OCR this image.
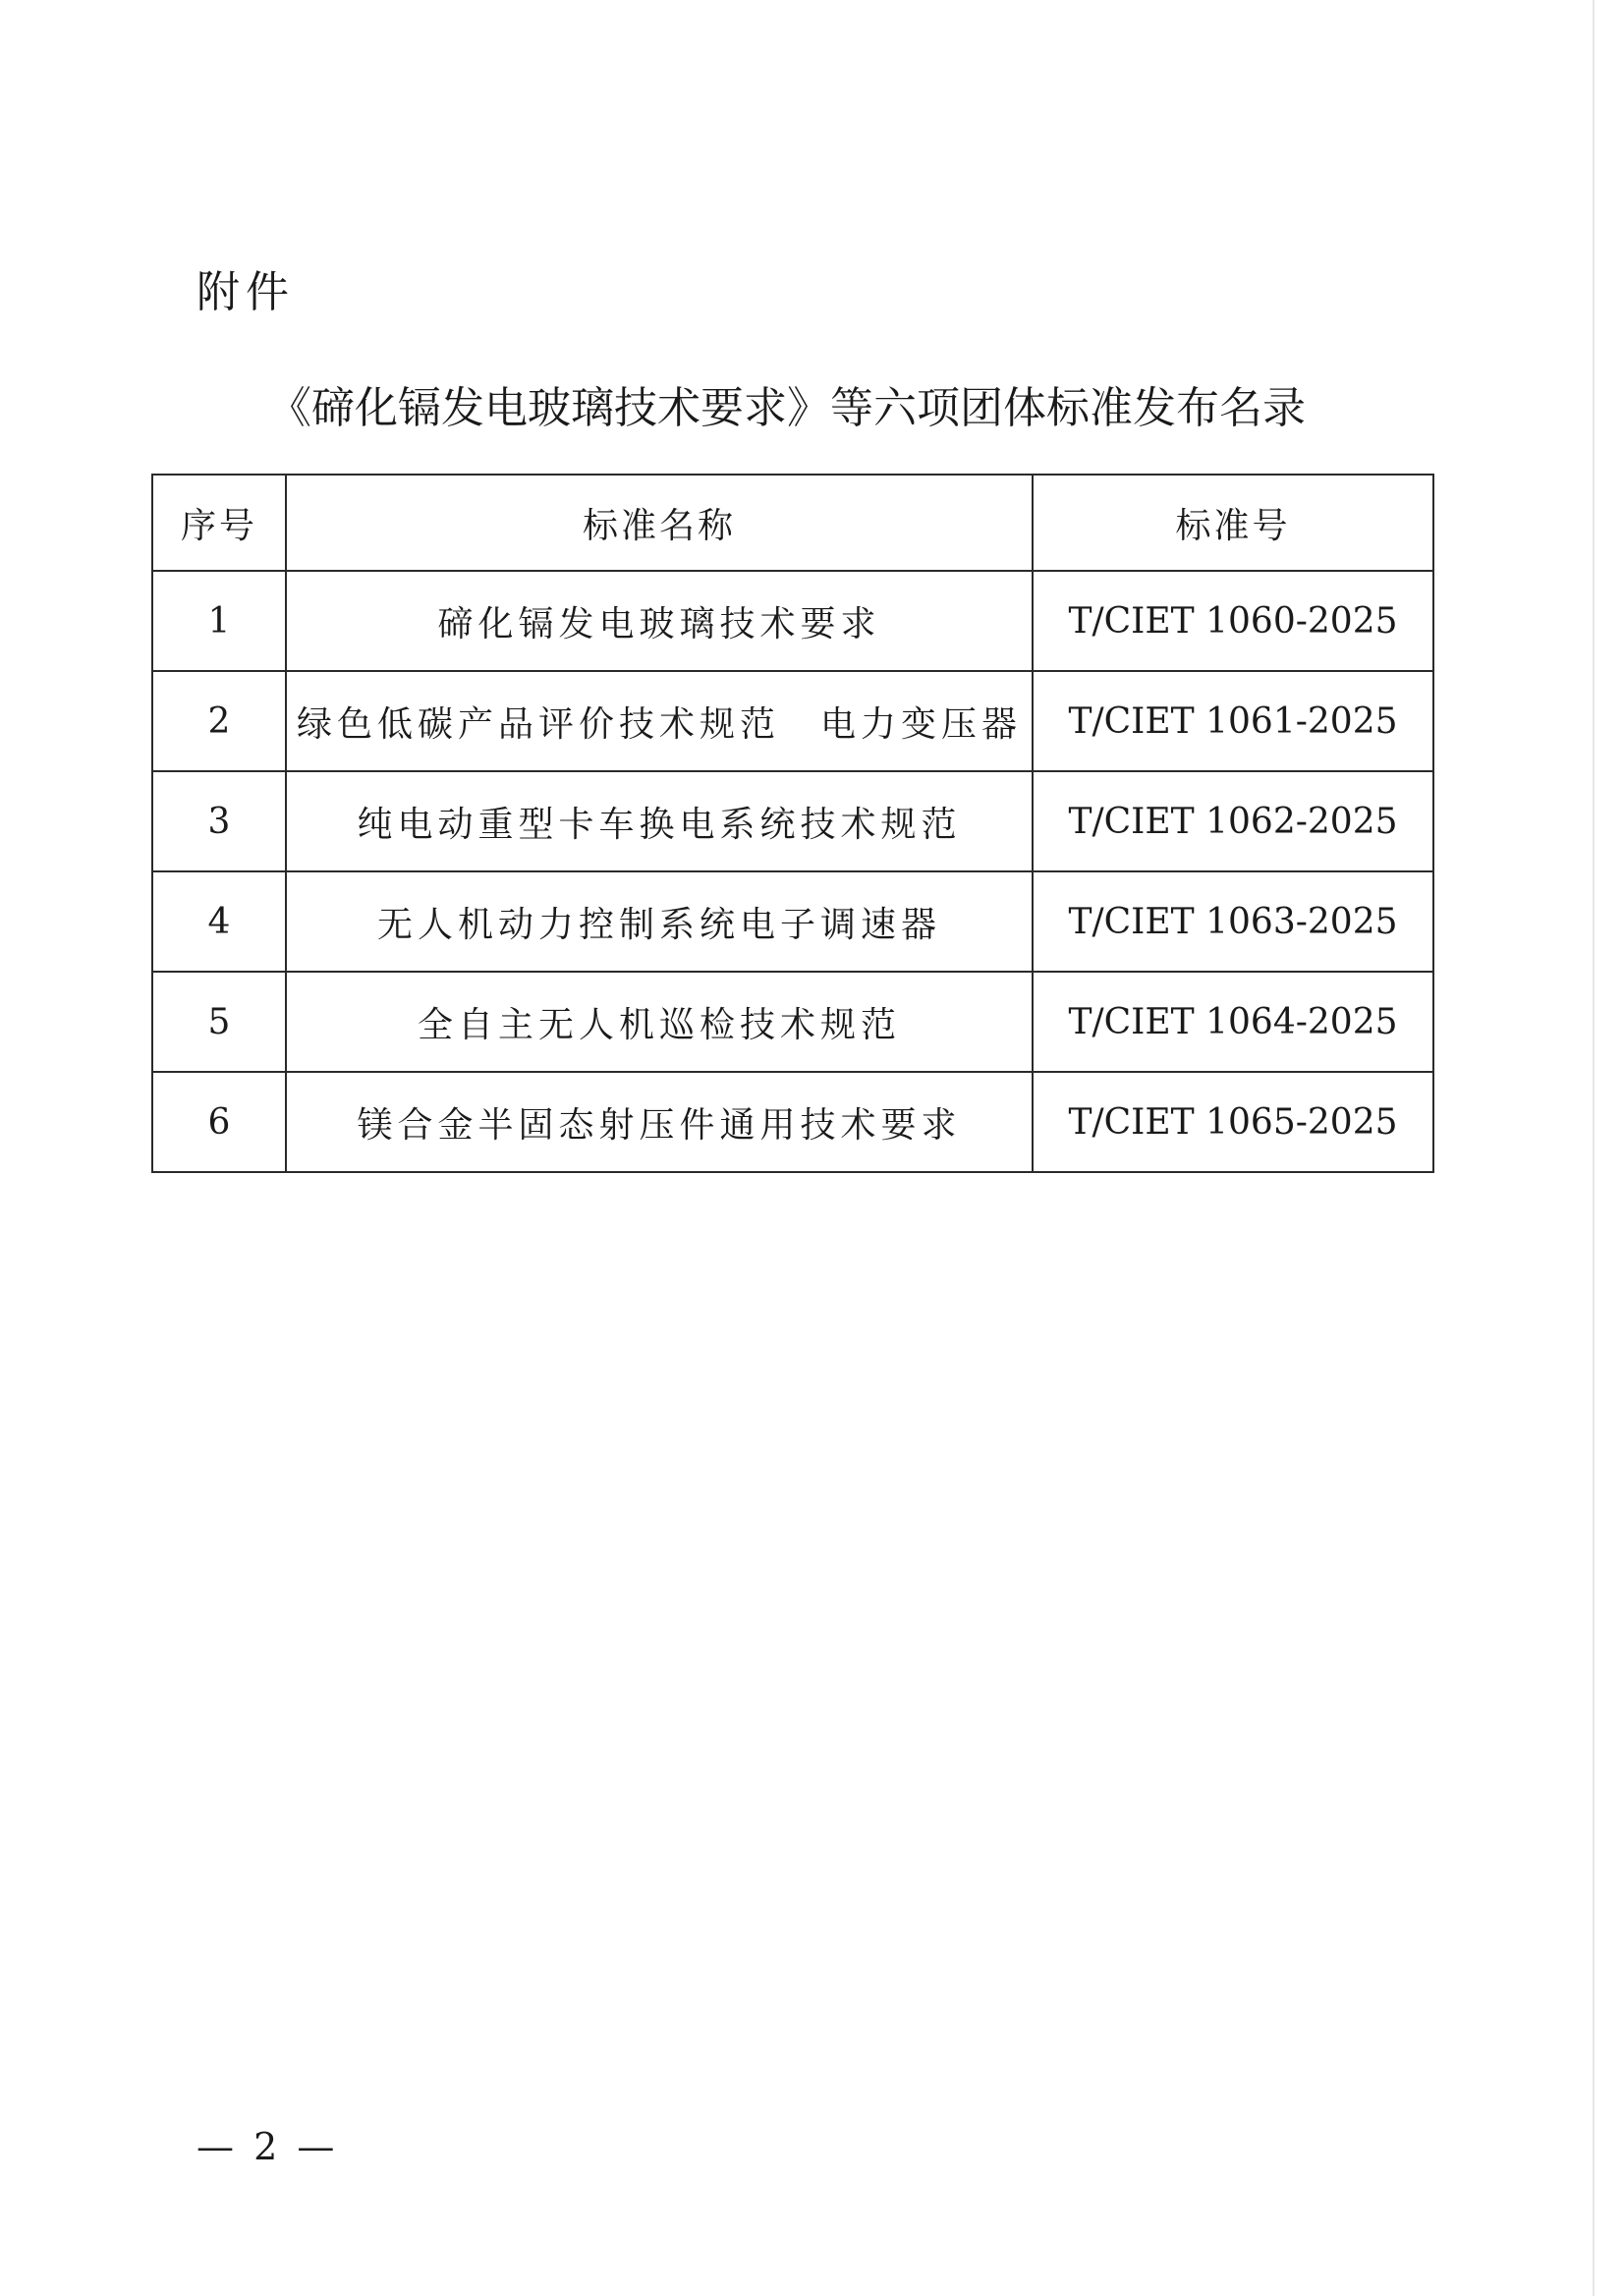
附件
《碲化镉发电玻璃技术要求》等六项团体标准发布名录
序号	标准名称	标准号
1	碲化镉发电玻璃技术要求	T/CIET 1060-2025
2	绿色低碳产品评价技术规范　电力变压器	T/CIET 1061-2025
3	纯电动重型卡车换电系统技术规范	T/CIET 1062-2025
4	无人机动力控制系统电子调速器	T/CIET 1063-2025
5	全自主无人机巡检技术规范	T/CIET 1064-2025
6	镁合金半固态射压件通用技术要求	T/CIET 1065-2025
— 2 —
